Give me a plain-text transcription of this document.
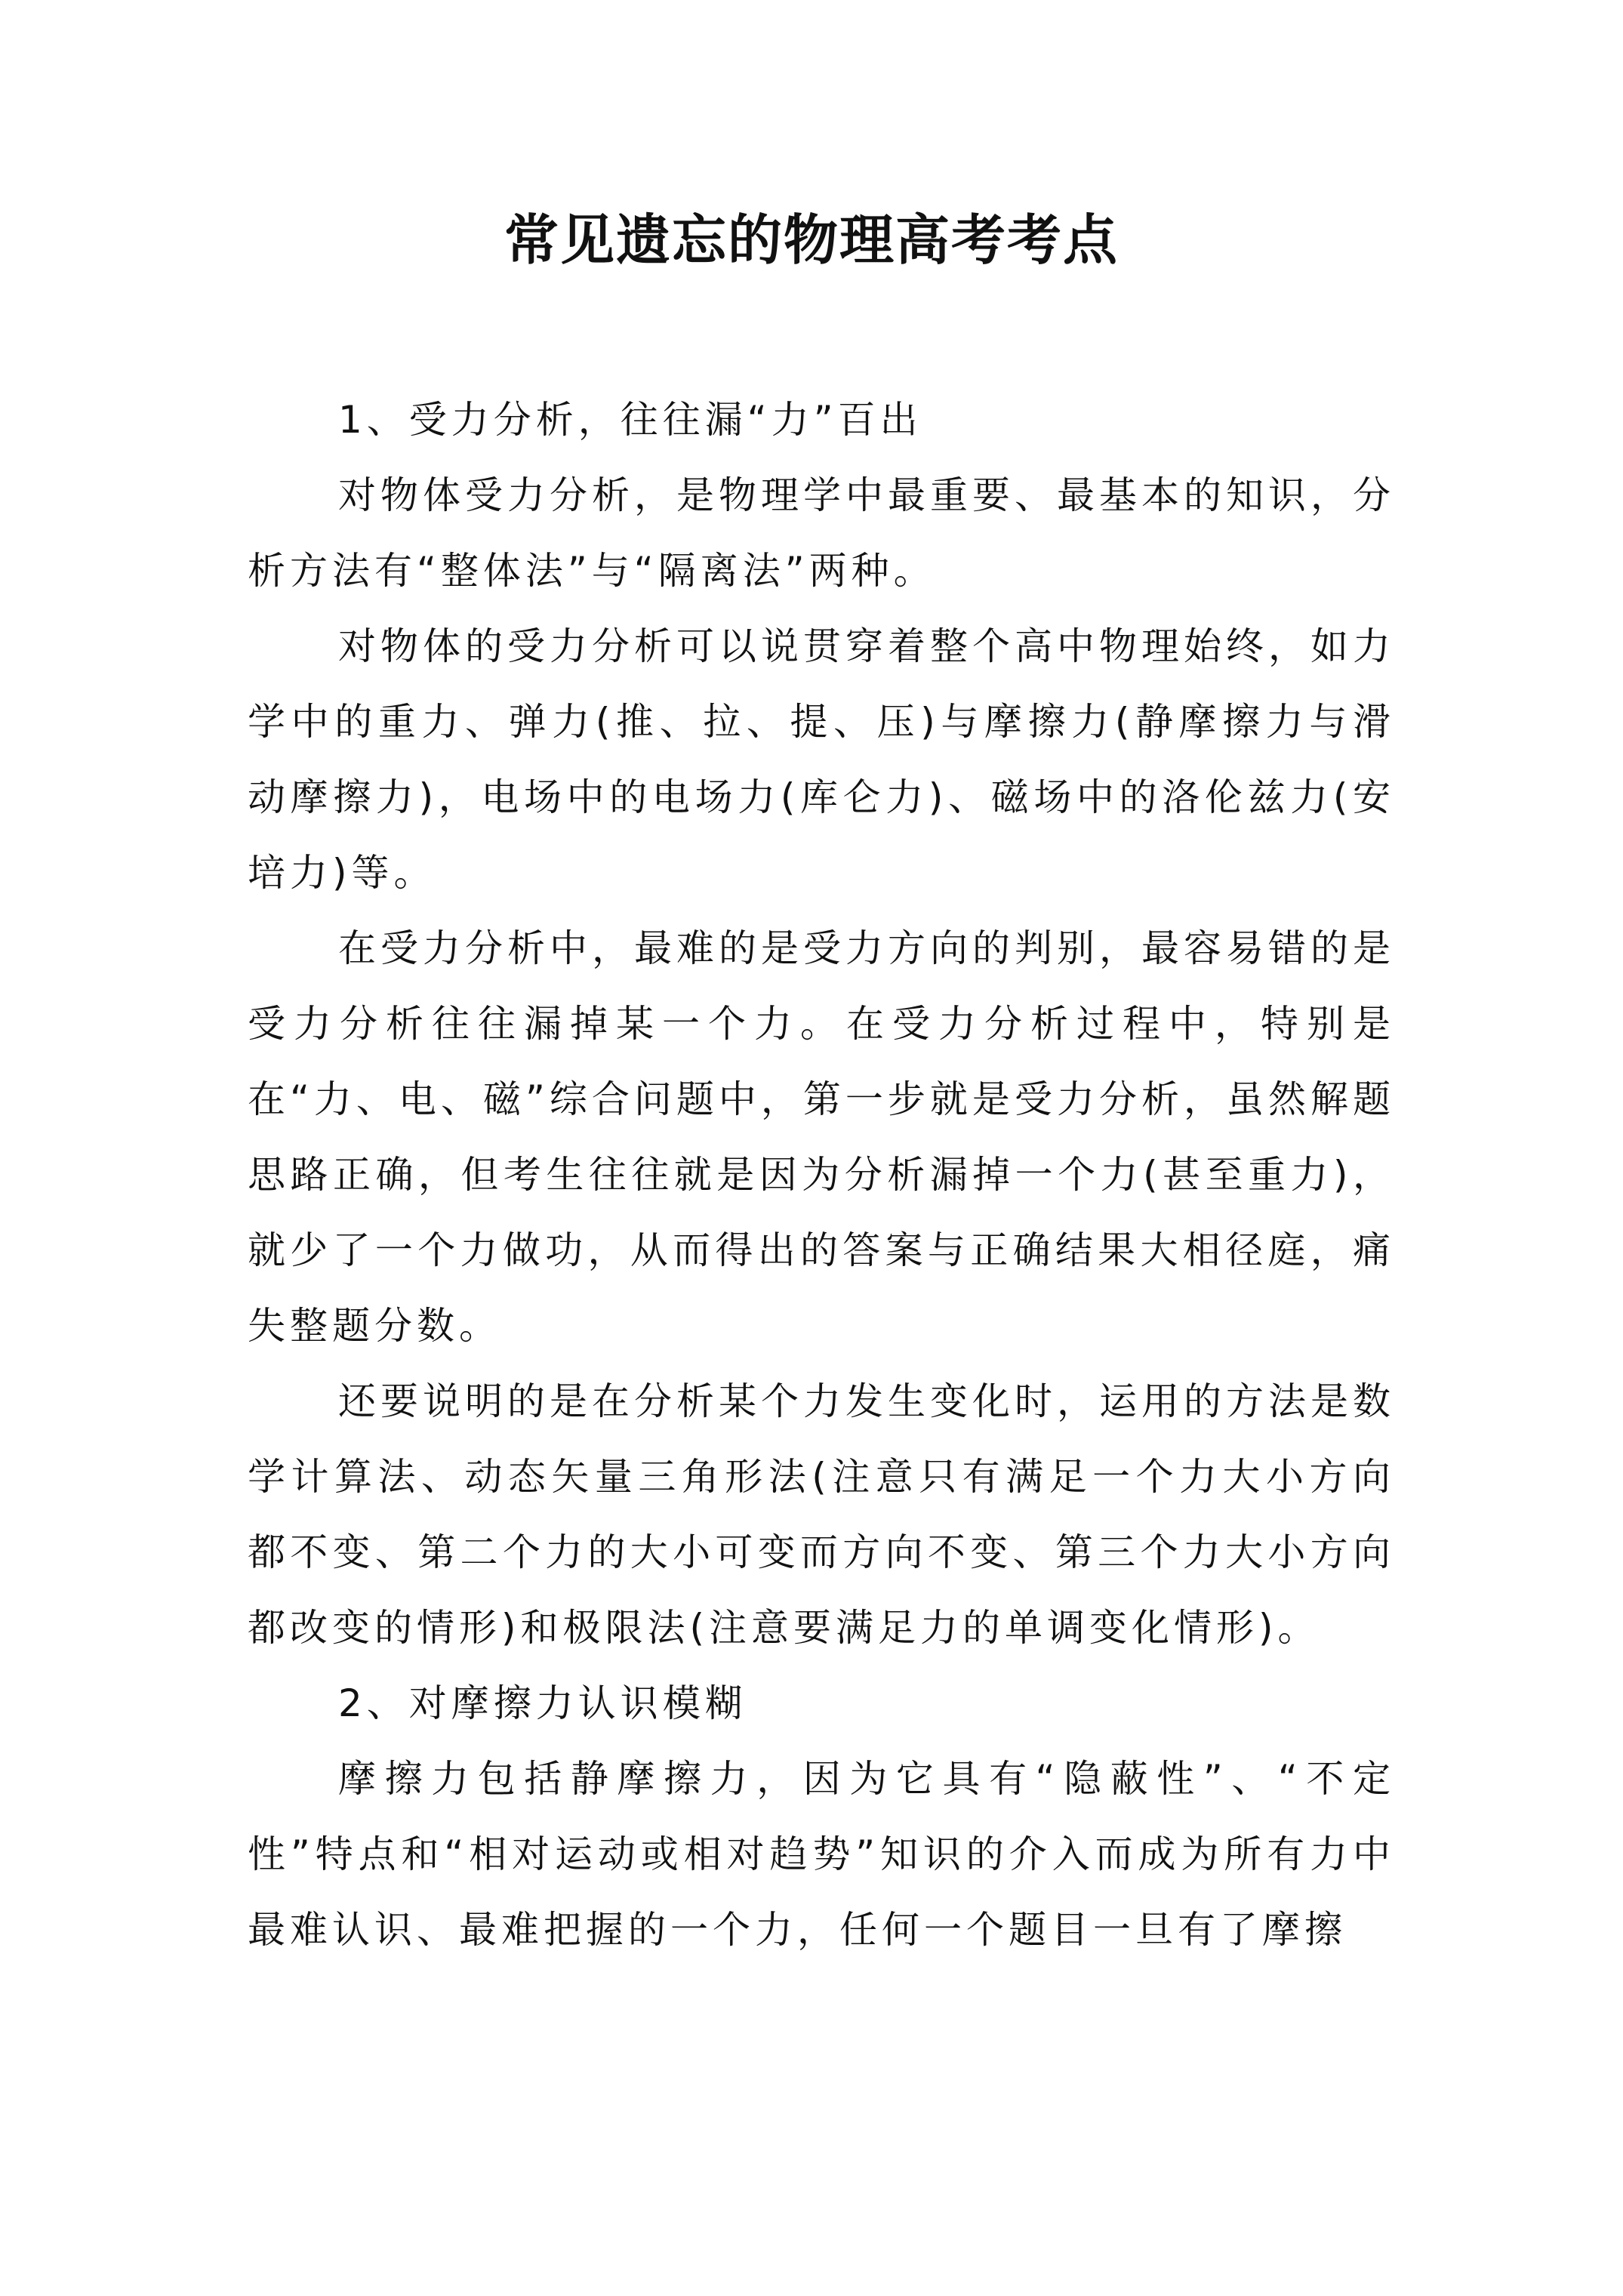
常见遗忘的物理高考考点

1、受力分析，往往漏“力”百出

对物体受力分析，是物理学中最重要、最基本的知识，分析方法有“整体法”与“隔离法”两种。

对物体的受力分析可以说贯穿着整个高中物理始终，如力学中的重力、弹力(推、拉、提、压)与摩擦力(静摩擦力与滑动摩擦力)，电场中的电场力(库仑力)、磁场中的洛伦兹力(安培力)等。

在受力分析中，最难的是受力方向的判别，最容易错的是受力分析往往漏掉某一个力。在受力分析过程中，特别是在“力、电、磁”综合问题中，第一步就是受力分析，虽然解题思路正确，但考生往往就是因为分析漏掉一个力(甚至重力)，就少了一个力做功，从而得出的答案与正确结果大相径庭，痛失整题分数。

还要说明的是在分析某个力发生变化时，运用的方法是数学计算法、动态矢量三角形法(注意只有满足一个力大小方向都不变、第二个力的大小可变而方向不变、第三个力大小方向都改变的情形)和极限法(注意要满足力的单调变化情形)。

2、对摩擦力认识模糊

摩擦力包括静摩擦力，因为它具有“隐蔽性”、“不定性”特点和“相对运动或相对趋势”知识的介入而成为所有力中最难认识、最难把握的一个力，任何一个题目一旦有了摩擦
